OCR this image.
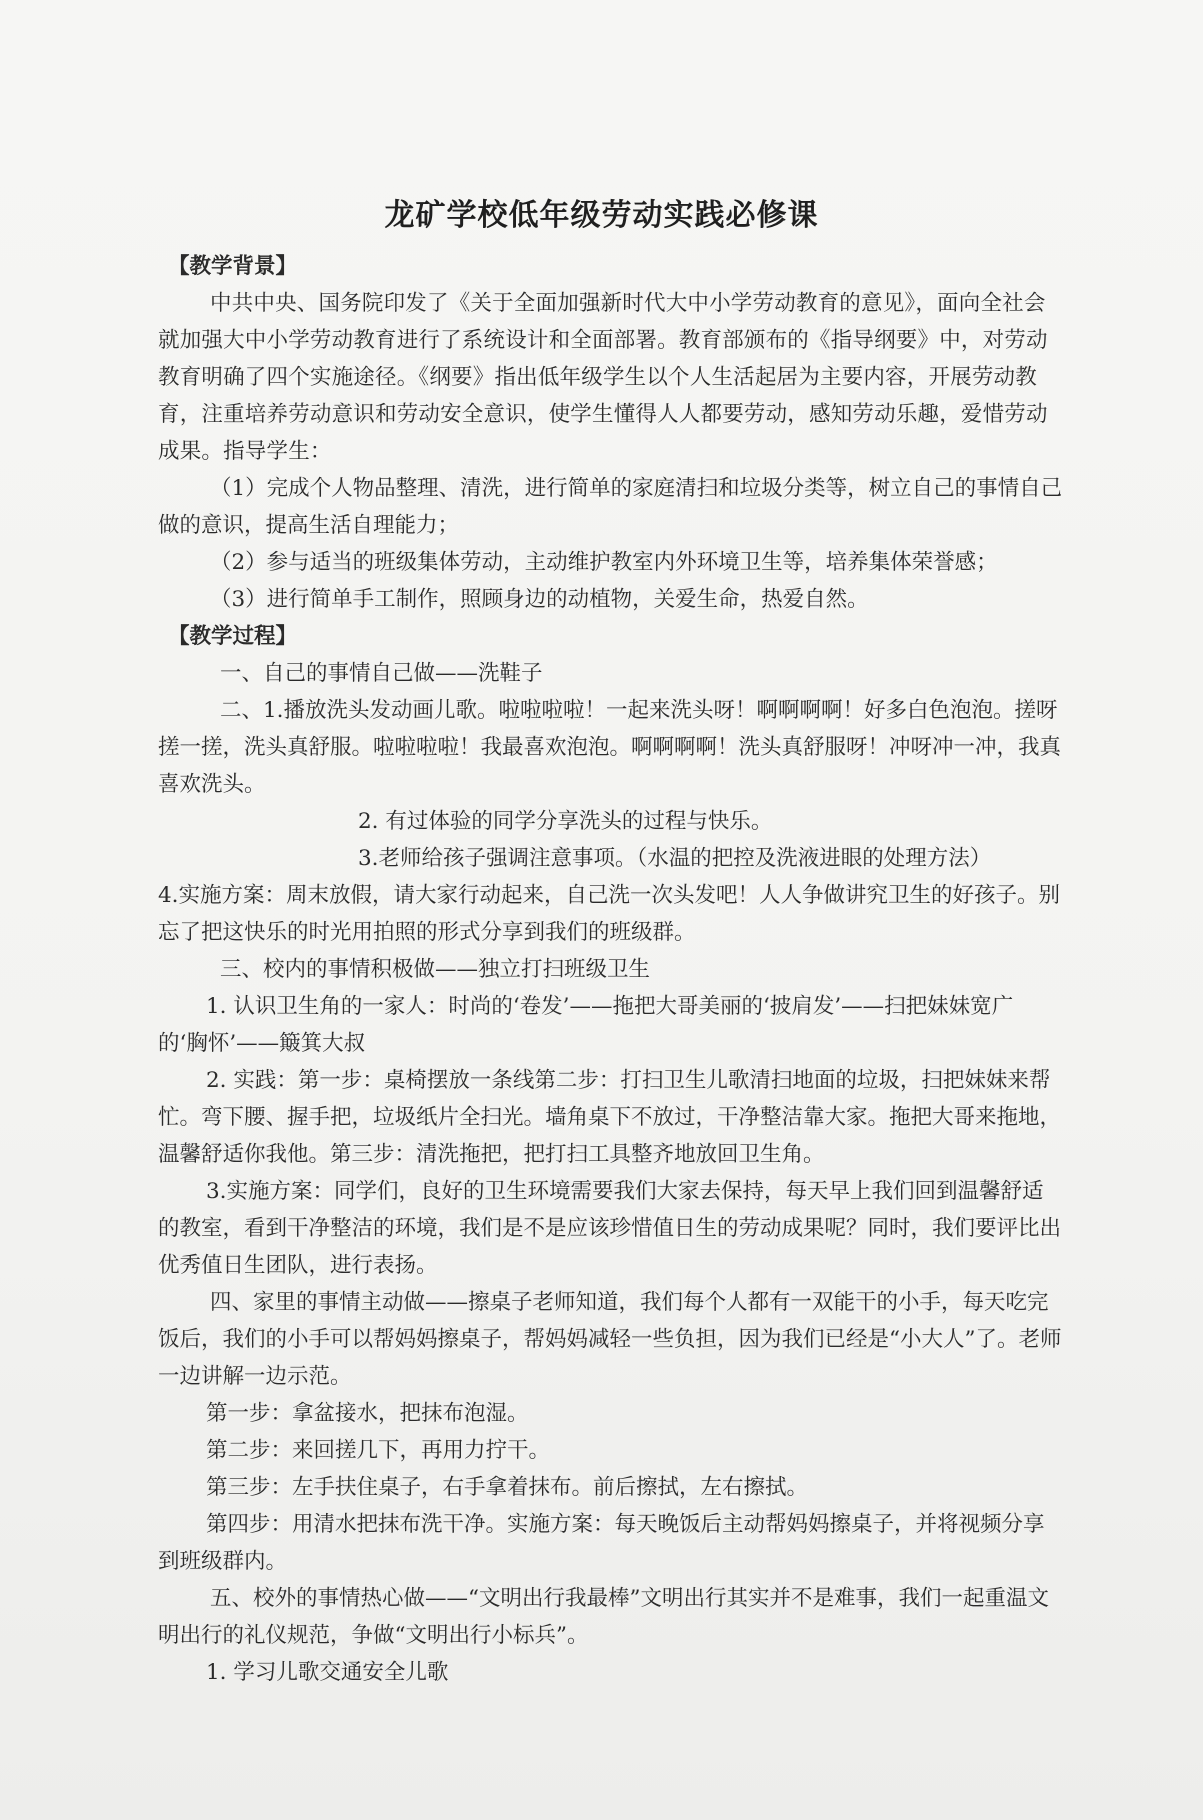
龙矿学校低年级劳动实践必修课

【教学背景】

中共中央、国务院印发了《关于全面加强新时代大中小学劳动教育的意见》，面向全社会就加强大中小学劳动教育进行了系统设计和全面部署。教育部颁布的《指导纲要》中，对劳动教育明确了四个实施途径。《纲要》指出低年级学生以个人生活起居为主要内容，开展劳动教育，注重培养劳动意识和劳动安全意识，使学生懂得人人都要劳动，感知劳动乐趣，爱惜劳动成果。指导学生：

（1）完成个人物品整理、清洗，进行简单的家庭清扫和垃圾分类等，树立自己的事情自己做的意识，提高生活自理能力；

（2）参与适当的班级集体劳动，主动维护教室内外环境卫生等，培养集体荣誉感；

（3）进行简单手工制作，照顾身边的动植物，关爱生命，热爱自然。

【教学过程】

一、自己的事情自己做——洗鞋子

二、1.播放洗头发动画儿歌。啦啦啦啦！一起来洗头呀！啊啊啊啊！好多白色泡泡。搓呀搓一搓，洗头真舒服。啦啦啦啦！我最喜欢泡泡。啊啊啊啊！洗头真舒服呀！冲呀冲一冲，我真喜欢洗头。

2. 有过体验的同学分享洗头的过程与快乐。

3.老师给孩子强调注意事项。（水温的把控及洗液进眼的处理方法）

4.实施方案：周末放假，请大家行动起来，自己洗一次头发吧！人人争做讲究卫生的好孩子。别忘了把这快乐的时光用拍照的形式分享到我们的班级群。

三、校内的事情积极做——独立打扫班级卫生

1. 认识卫生角的一家人：时尚的‘卷发’——拖把大哥美丽的‘披肩发’——扫把妹妹宽广的‘胸怀’——簸箕大叔

2. 实践：第一步：桌椅摆放一条线第二步：打扫卫生儿歌清扫地面的垃圾，扫把妹妹来帮忙。弯下腰、握手把，垃圾纸片全扫光。墙角桌下不放过，干净整洁靠大家。拖把大哥来拖地，温馨舒适你我他。第三步：清洗拖把，把打扫工具整齐地放回卫生角。

3.实施方案：同学们，良好的卫生环境需要我们大家去保持，每天早上我们回到温馨舒适的教室，看到干净整洁的环境，我们是不是应该珍惜值日生的劳动成果呢？同时，我们要评比出优秀值日生团队，进行表扬。

四、家里的事情主动做——擦桌子老师知道，我们每个人都有一双能干的小手，每天吃完饭后，我们的小手可以帮妈妈擦桌子，帮妈妈减轻一些负担，因为我们已经是“小大人”了。老师一边讲解一边示范。

第一步：拿盆接水，把抹布泡湿。

第二步：来回搓几下，再用力拧干。

第三步：左手扶住桌子，右手拿着抹布。前后擦拭，左右擦拭。

第四步：用清水把抹布洗干净。实施方案：每天晚饭后主动帮妈妈擦桌子，并将视频分享到班级群内。

五、校外的事情热心做——“文明出行我最棒”文明出行其实并不是难事，我们一起重温文明出行的礼仪规范，争做“文明出行小标兵”。

1. 学习儿歌交通安全儿歌
